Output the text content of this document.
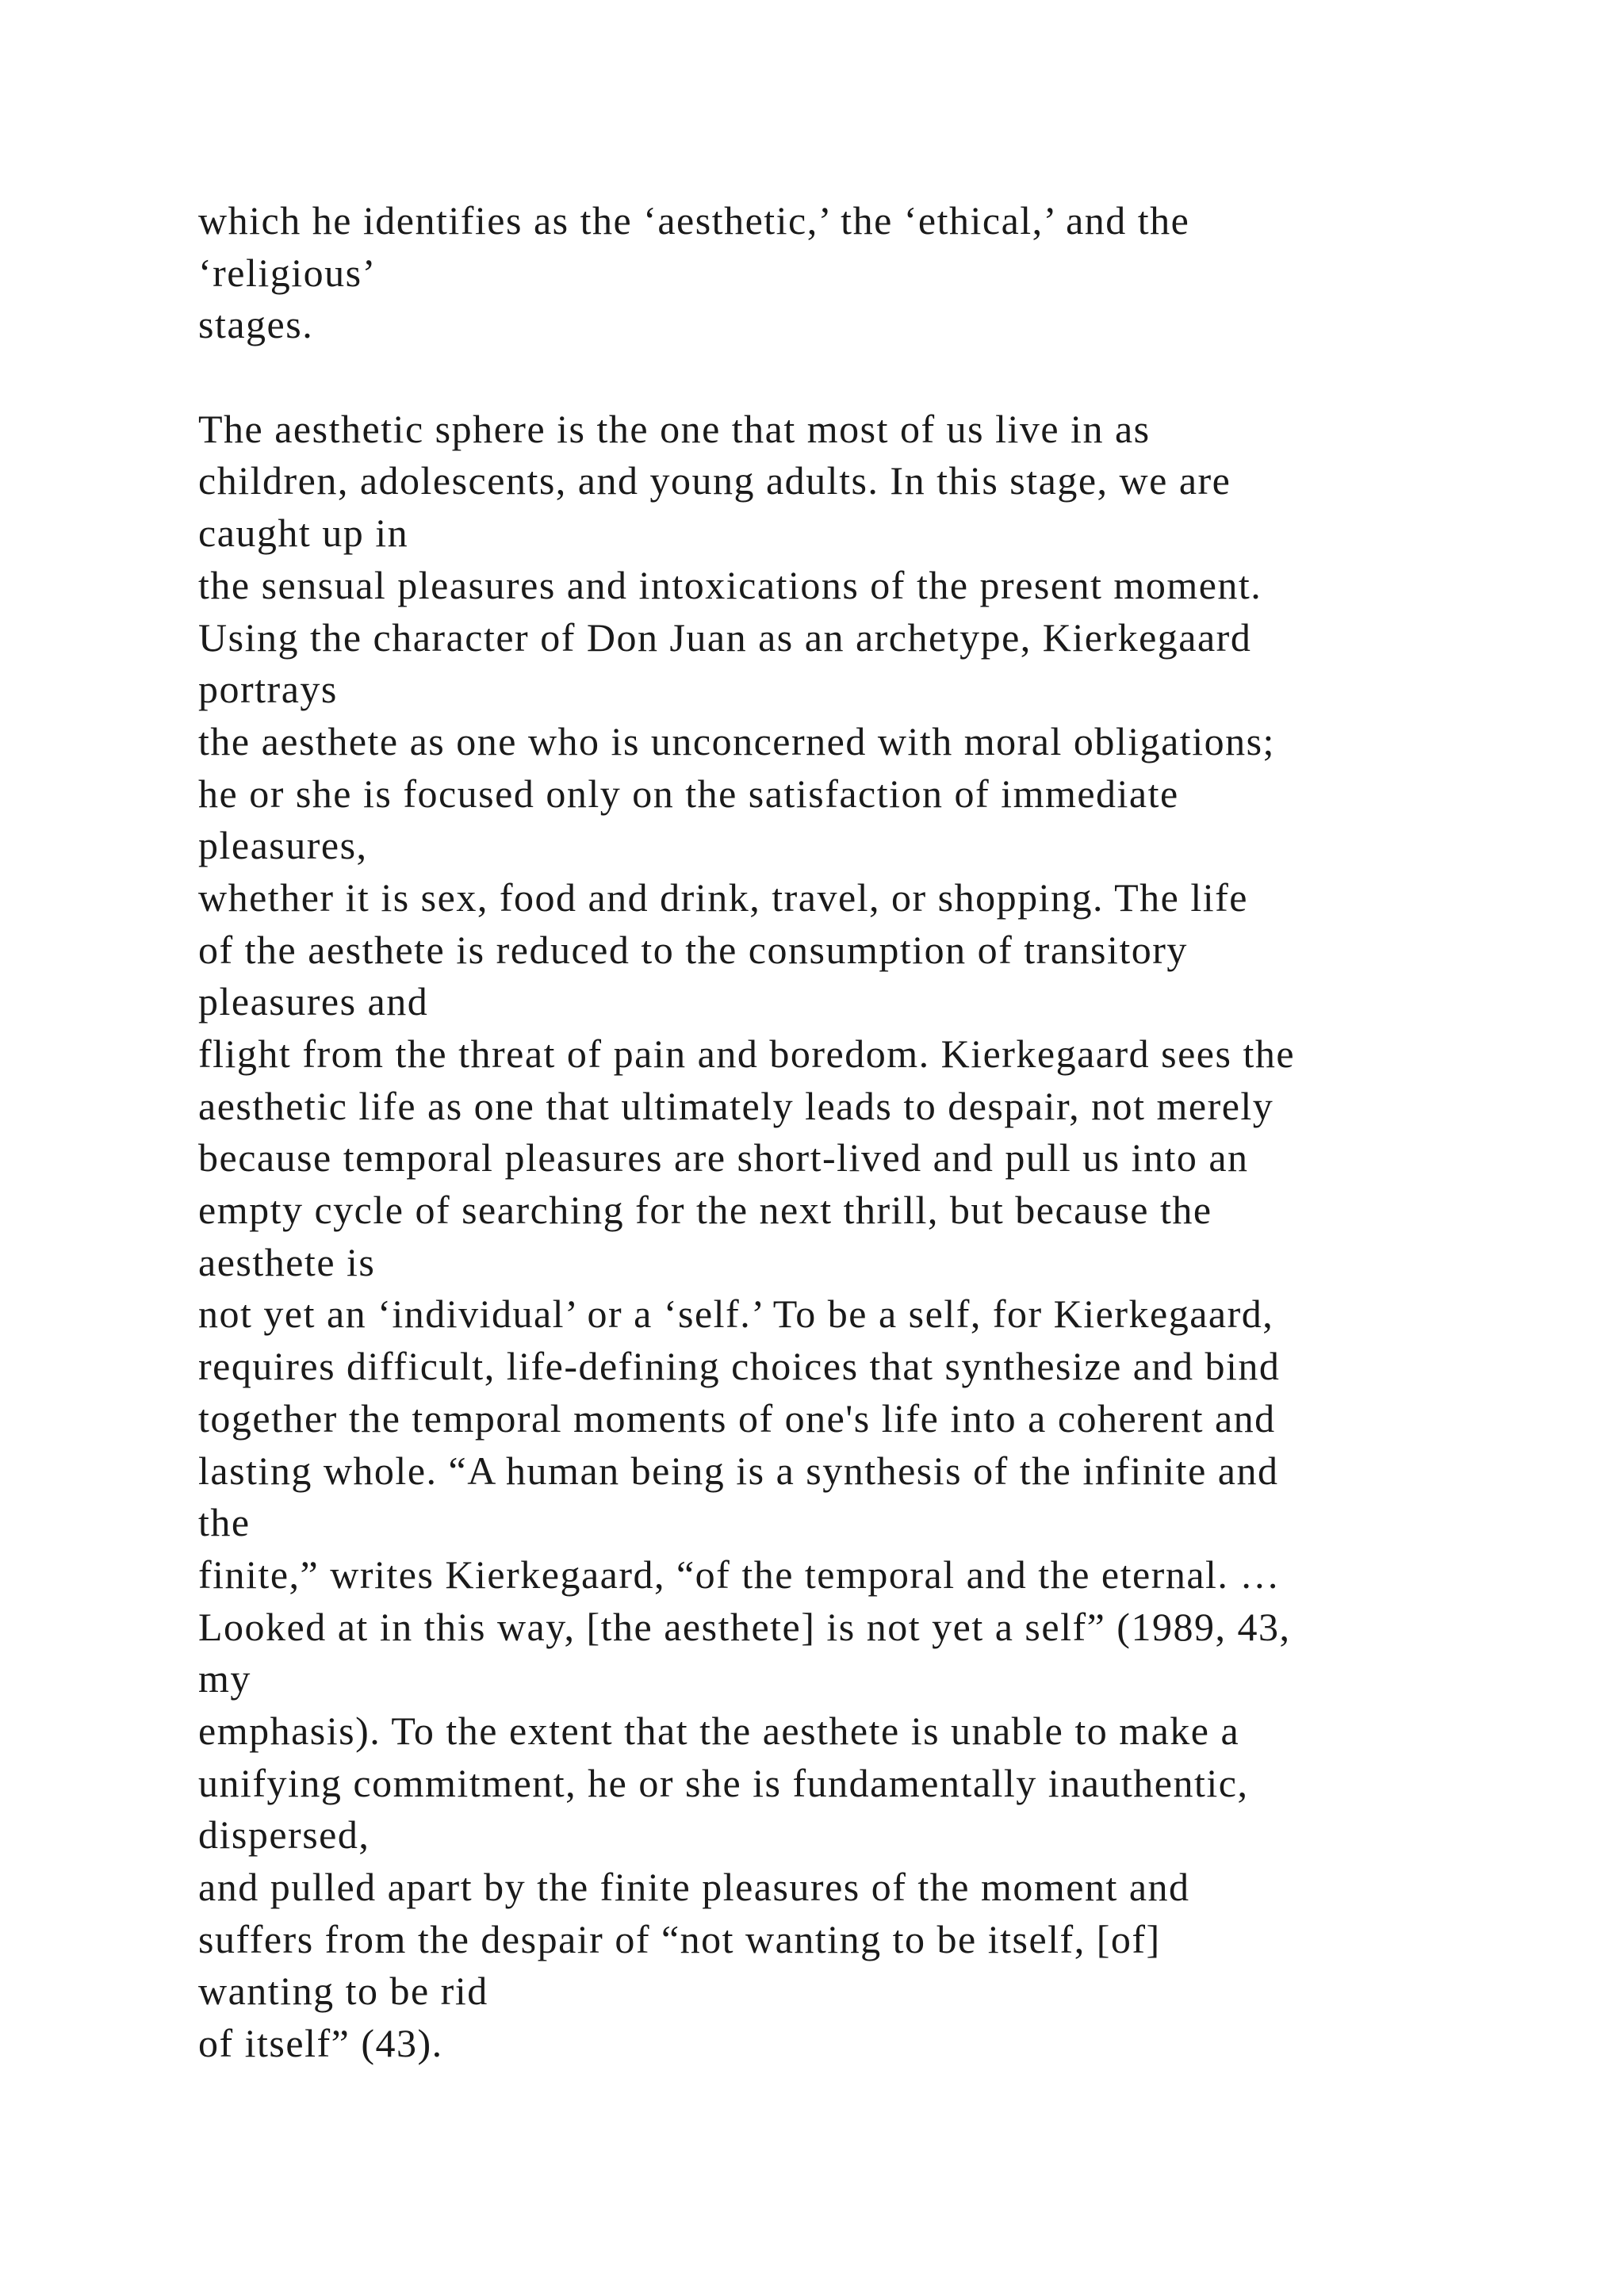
which he identifies as the ‘aesthetic,’ the ‘ethical,’ and the
‘religious’
stages.
The aesthetic sphere is the one that most of us live in as
children, adolescents, and young adults. In this stage, we are
caught up in
the sensual pleasures and intoxications of the present moment.
Using the character of Don Juan as an archetype, Kierkegaard
portrays
the aesthete as one who is unconcerned with moral obligations;
he or she is focused only on the satisfaction of immediate
pleasures,
whether it is sex, food and drink, travel, or shopping. The life
of the aesthete is reduced to the consumption of transitory
pleasures and
flight from the threat of pain and boredom. Kierkegaard sees the
aesthetic life as one that ultimately leads to despair, not merely
because temporal pleasures are short-lived and pull us into an
empty cycle of searching for the next thrill, but because the
aesthete is
not yet an ‘individual’ or a ‘self.’ To be a self, for Kierkegaard,
requires difficult, life-defining choices that synthesize and bind
together the temporal moments of one's life into a coherent and
lasting whole. “A human being is a synthesis of the infinite and
the
finite,” writes Kierkegaard, “of the temporal and the eternal. …
Looked at in this way, [the aesthete] is not yet a self” (1989, 43,
my
emphasis). To the extent that the aesthete is unable to make a
unifying commitment, he or she is fundamentally inauthentic,
dispersed,
and pulled apart by the finite pleasures of the moment and
suffers from the despair of “not wanting to be itself, [of]
wanting to be rid
of itself” (43).
